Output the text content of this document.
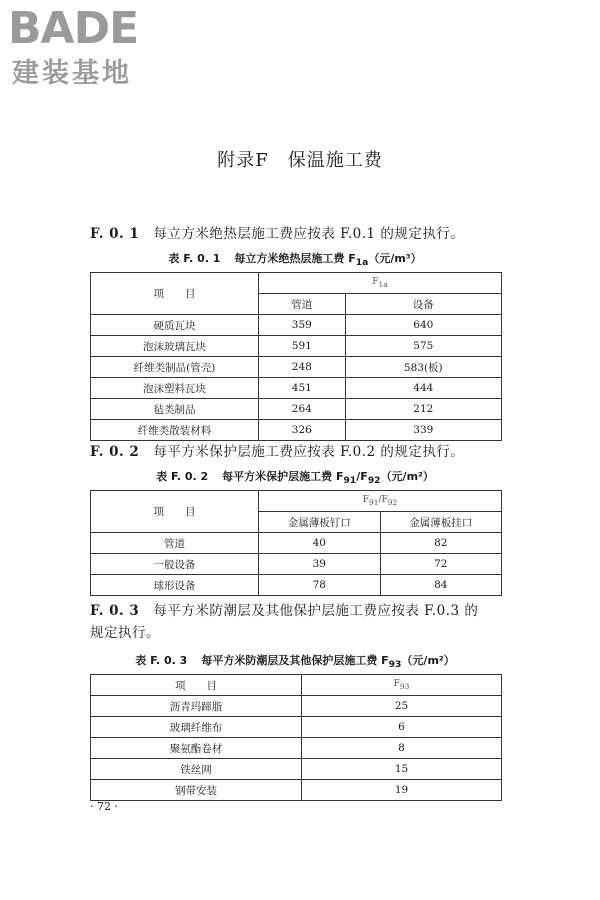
BADE
建装基地
附录F　保温施工费
F. 0. 1 每立方米绝热层施工费应按表 F.0.1 的规定执行。
表 F. 0. 1 每立方米绝热层施工费 $F_{1a}$（元/m³）
项　　目	$F_{1a}$
	管道	设备
硬质瓦块	359	640
泡沫玻璃瓦块	591	575
纤维类制品(管壳)	248	583(板)
泡沫塑料瓦块	451	444
毡类制品	264	212
纤维类散装材料	326	339
F. 0. 2 每平方米保护层施工费应按表 F.0.2 的规定执行。
表 F. 0. 2 每平方米保护层施工费 $F_{91}/F_{92}$（元/m²）
项　　目	$F_{91}/F_{92}$
	金属薄板钉口	金属薄板挂口
管道	40	82
一般设备	39	72
球形设备	78	84
F. 0. 3 每平方米防潮层及其他保护层施工费应按表 F.0.3 的
规定执行。
表 F. 0. 3 每平方米防潮层及其他保护层施工费 $F_{93}$（元/m²）
项　　目	$F_{93}$
沥青玛蹄脂	25
玻璃纤维布	6
聚氨酯卷材	8
铁丝网	15
钢带安装	19
· 72 ·
